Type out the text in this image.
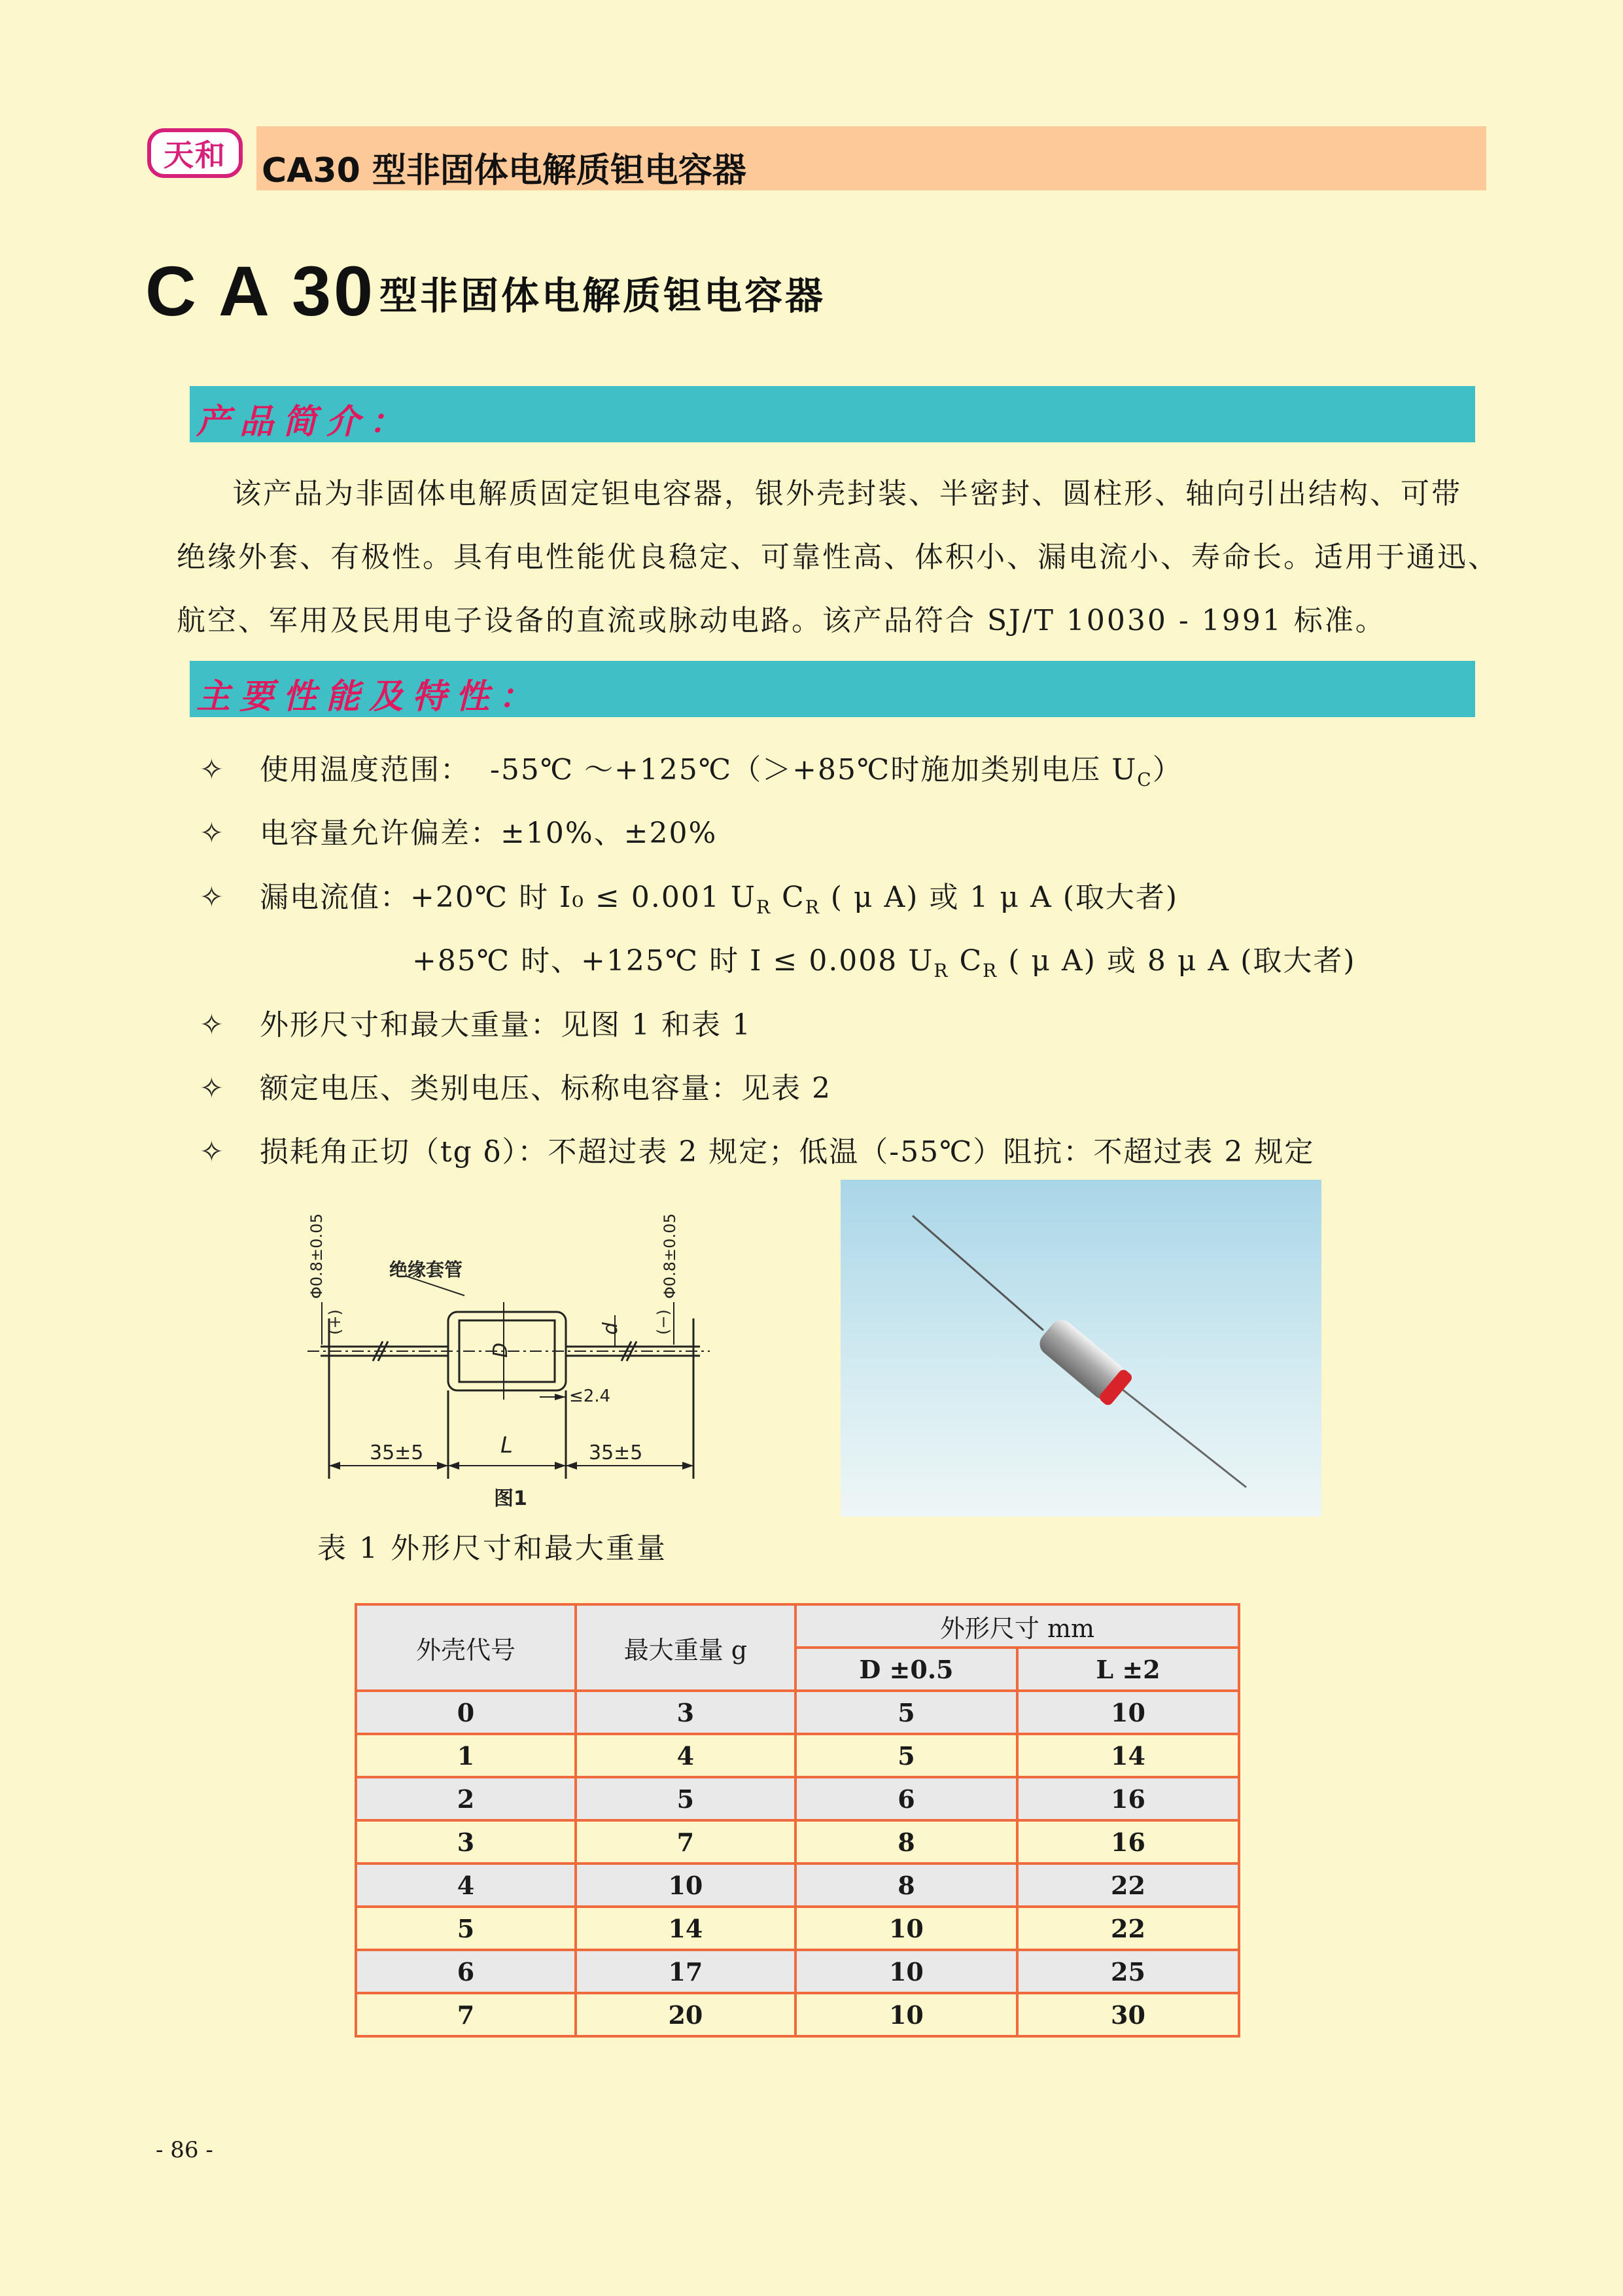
天和 CA30 型非固体电解质钽电容器
C A 30 型非固体电解质钽电容器
产品简介：
该产品为非固体电解质固定钽电容器，银外壳封装、半密封、圆柱形、轴向引出结构、可带
绝缘外套、有极性。具有电性能优良稳定、可靠性高、体积小、漏电流小、寿命长。适用于通迅、
航空、军用及民用电子设备的直流或脉动电路。该产品符合 SJ/T 10030 - 1991 标准。
主要性能及特性：
✧ 使用温度范围： -55℃ ～+125℃（＞+85℃时施加类别电压 $U_C$）
✧ 电容量允许偏差：±10%、±20%
✧ 漏电流值：+20℃ 时 I₀ ≤ 0.001 $U_R$ $C_R$ ( μ A) 或 1 μ A (取大者)
+85℃ 时、+125℃ 时 I ≤ 0.008 $U_R$ $C_R$ ( μ A) 或 8 μ A (取大者)
✧ 外形尺寸和最大重量：见图 1 和表 1
✧ 额定电压、类别电压、标称电容量：见表 2
✧ 损耗角正切（tg δ）：不超过表 2 规定；低温（-55℃）阻抗：不超过表 2 规定
Φ0.8±0.05	Φ0.8±0.05
(+)	(−)
绝缘套管
D
d
≤2.4
35±5	L	35±5
图1
表 1 外形尺寸和最大重量
外壳代号	最大重量 g	外形尺寸 mm	
		D ±0.5	L ±2
0	3	5	10
1	4	5	14
2	5	6	16
3	7	8	16
4	10	8	22
5	14	10	22
6	17	10	25
7	20	10	30
- 86 -
